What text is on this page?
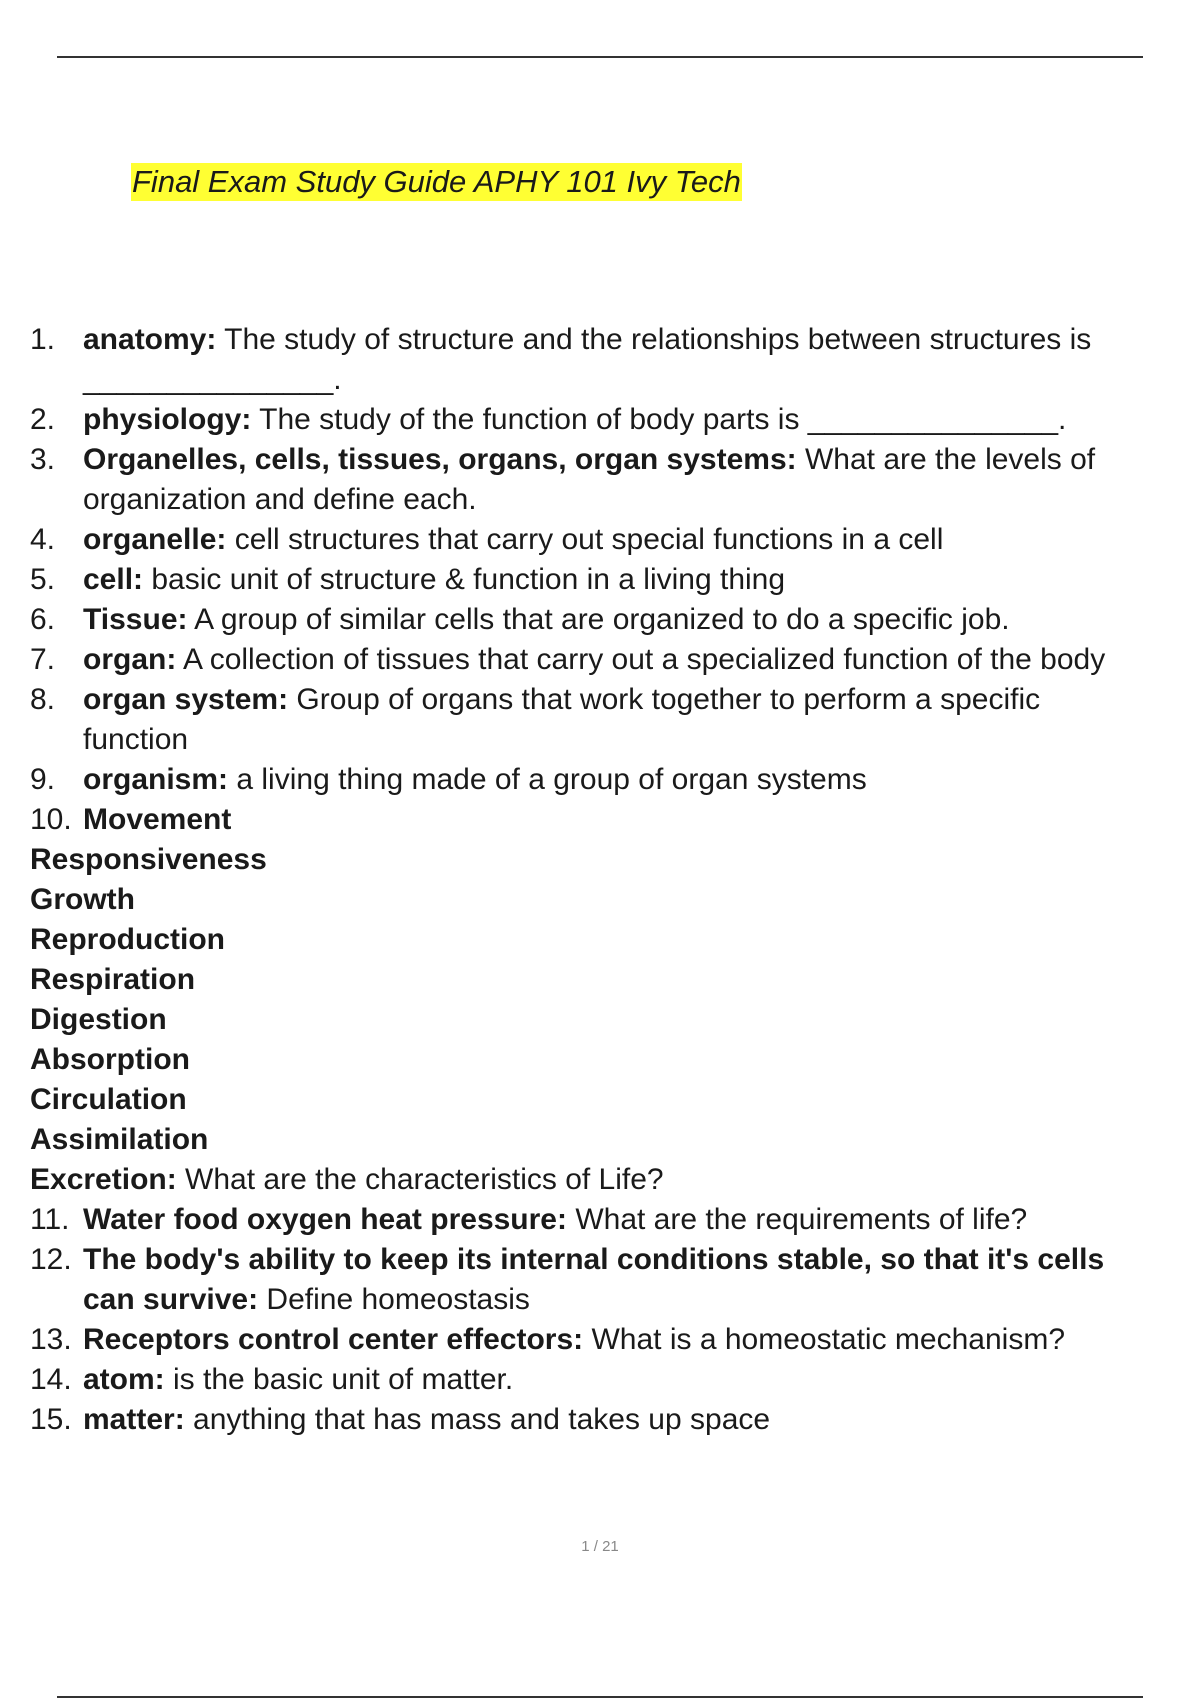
Final Exam Study Guide APHY 101 Ivy Tech
1. anatomy: The study of structure and the relationships between structures is
_______________.
2. physiology: The study of the function of body parts is _______________.
3. Organelles, cells, tissues, organs, organ systems: What are the levels of
organization and define each.
4. organelle: cell structures that carry out special functions in a cell
5. cell: basic unit of structure & function in a living thing
6. Tissue: A group of similar cells that are organized to do a specific job.
7. organ: A collection of tissues that carry out a specialized function of the body
8. organ system: Group of organs that work together to perform a specific
function
9. organism: a living thing made of a group of organ systems
10. Movement
Responsiveness
Growth
Reproduction
Respiration
Digestion
Absorption
Circulation
Assimilation
Excretion: What are the characteristics of Life?
11. Water food oxygen heat pressure: What are the requirements of life?
12. The body's ability to keep its internal conditions stable, so that it's cells
can survive: Define homeostasis
13. Receptors control center effectors: What is a homeostatic mechanism?
14. atom: is the basic unit of matter.
15. matter: anything that has mass and takes up space
1 / 21
